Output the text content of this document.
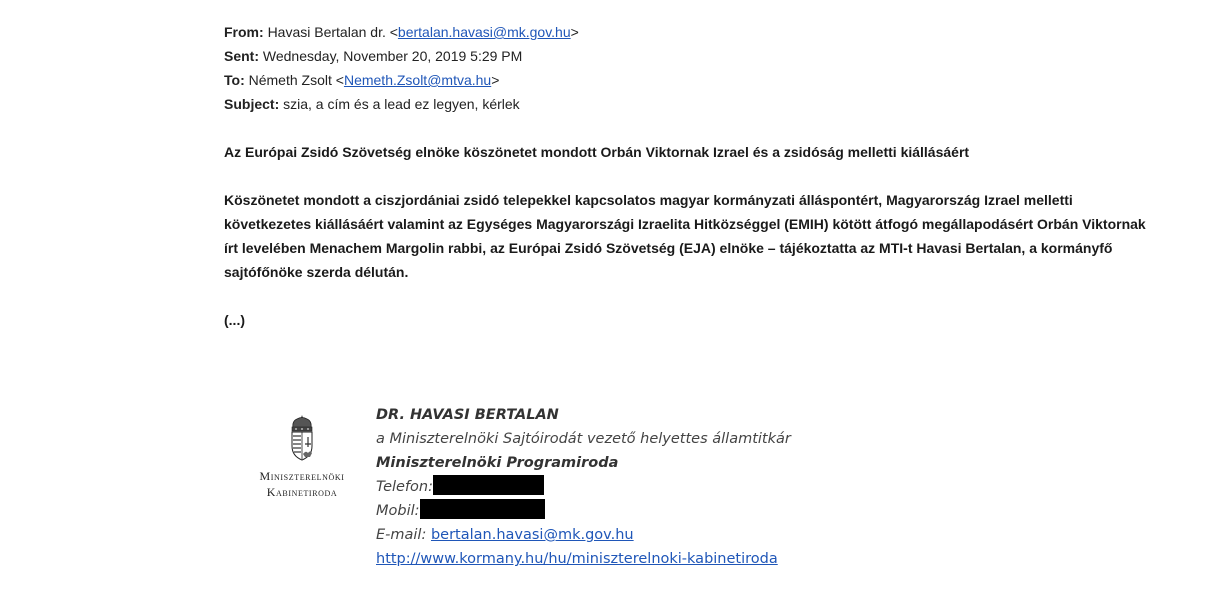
From: Havasi Bertalan dr. <bertalan.havasi@mk.gov.hu>
Sent: Wednesday, November 20, 2019 5:29 PM
To: Németh Zsolt <Nemeth.Zsolt@mtva.hu>
Subject: szia, a cím és a lead ez legyen, kérlek
Az Európai Zsidó Szövetség elnöke köszönetet mondott Orbán Viktornak Izrael és a zsidóság melletti kiállásáért
Köszönetet mondott a ciszjordániai zsidó telepekkel kapcsolatos magyar kormányzati álláspontért, Magyarország Izrael melletti következetes kiállásáért valamint az Egységes Magyarországi Izraelita Hitközséggel (EMIH) kötött átfogó megállapodásért Orbán Viktornak írt levelében Menachem Margolin rabbi, az Európai Zsidó Szövetség (EJA) elnöke – tájékoztatta az MTI-t Havasi Bertalan, a kormányfő sajtófőnöke szerda délután.
(...)
Miniszterelnöki
Kabinetiroda
DR. HAVASI BERTALAN
a Miniszterelnöki Sajtóirodát vezető helyettes államtitkár
Miniszterelnöki Programiroda
Telefon:
Mobil:
E-mail: bertalan.havasi@mk.gov.hu
http://www.kormany.hu/hu/miniszterelnoki-kabinetiroda
